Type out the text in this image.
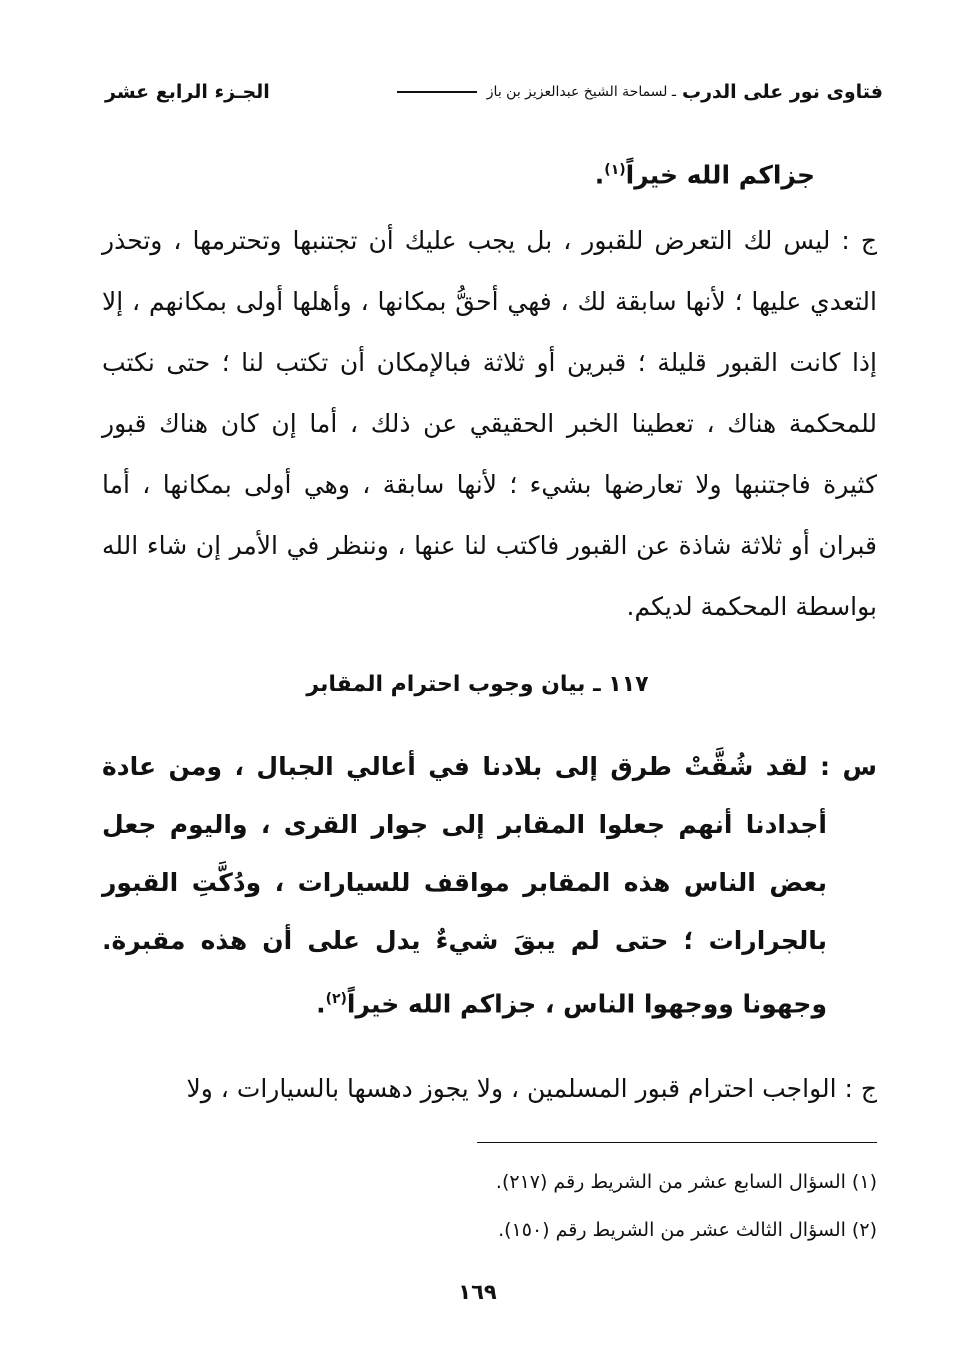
فتاوى نور على الدرب
ـ لسماحة الشيخ عبدالعزيز بن باز
الجـزء الرابع عشر
جزاكم الله خيراً$^{(١)}$.
ج : ليس لك التعرض للقبور ، بل يجب عليك أن تجتنبها وتحترمها ، وتحذر التعدي عليها ؛ لأنها سابقة لك ، فهي أحقُّ بمكانها ، وأهلها أولى بمكانهم ، إلا إذا كانت القبور قليلة ؛ قبرين أو ثلاثة فبالإمكان أن تكتب لنا ؛ حتى نكتب للمحكمة هناك ، تعطينا الخبر الحقيقي عن ذلك ، أما إن كان هناك قبور كثيرة فاجتنبها ولا تعارضها بشيء ؛ لأنها سابقة ، وهي أولى بمكانها ، أما قبران أو ثلاثة شاذة عن القبور فاكتب لنا عنها ، وننظر في الأمر إن شاء الله بواسطة المحكمة لديكم.
١١٧ ـ بيان وجوب احترام المقابر
س : لقد شُقَّتْ طرق إلى بلادنا في أعالي الجبال ، ومن عادة أجدادنا أنهم جعلوا المقابر إلى جوار القرى ، واليوم جعل بعض الناس هذه المقابر مواقف للسيارات ، ودُكَّتِ القبور بالجرارات ؛ حتى لم يبقَ شيءٌ يدل على أن هذه مقبرة. وجهونا ووجهوا الناس ، جزاكم الله خيراً$^{(٢)}$.
ج : الواجب احترام قبور المسلمين ، ولا يجوز دهسها بالسيارات ، ولا
(١) السؤال السابع عشر من الشريط رقم (٢١٧).
(٢) السؤال الثالث عشر من الشريط رقم (١٥٠).
١٦٩
